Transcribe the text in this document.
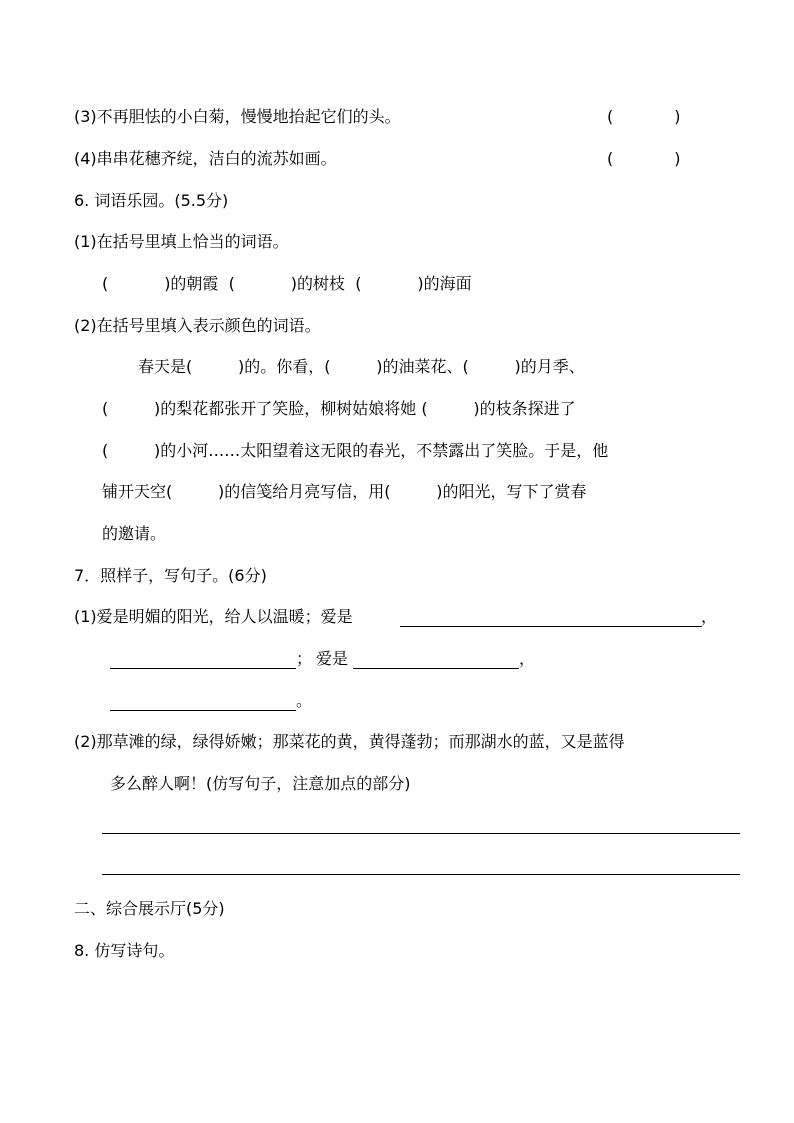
(3)不再胆怯的小白菊，慢慢地抬起它们的头。	(            )
(4)串串花穗齐绽，洁白的流苏如画。	(            )
6. 词语乐园。(5.5分)
(1)在括号里填上恰当的词语。
(           )的朝霞  (           )的树枝  (           )的海面
(2)在括号里填入表示颜色的词语。
春天是(         )的。你看，(         )的油菜花、(         )的月季、
(         )的梨花都张开了笑脸，柳树姑娘将她 (         )的枝条探进了
(         )的小河……太阳望着这无限的春光，不禁露出了笑脸。于是，他
铺开天空(         )的信笺给月亮写信，用(         )的阳光，写下了赏春
的邀请。
7．照样子，写句子。(6分)
(1)爱是明媚的阳光，给人以温暖；爱是	，
； 爱是	，
。
(2)那草滩的绿，绿得娇嫩；那菜花的黄，黄得蓬勃；而那湖水的蓝，又是蓝得
多么醉人啊！(仿写句子，注意加点的部分)
二、综合展示厅(5分)
8. 仿写诗句。
